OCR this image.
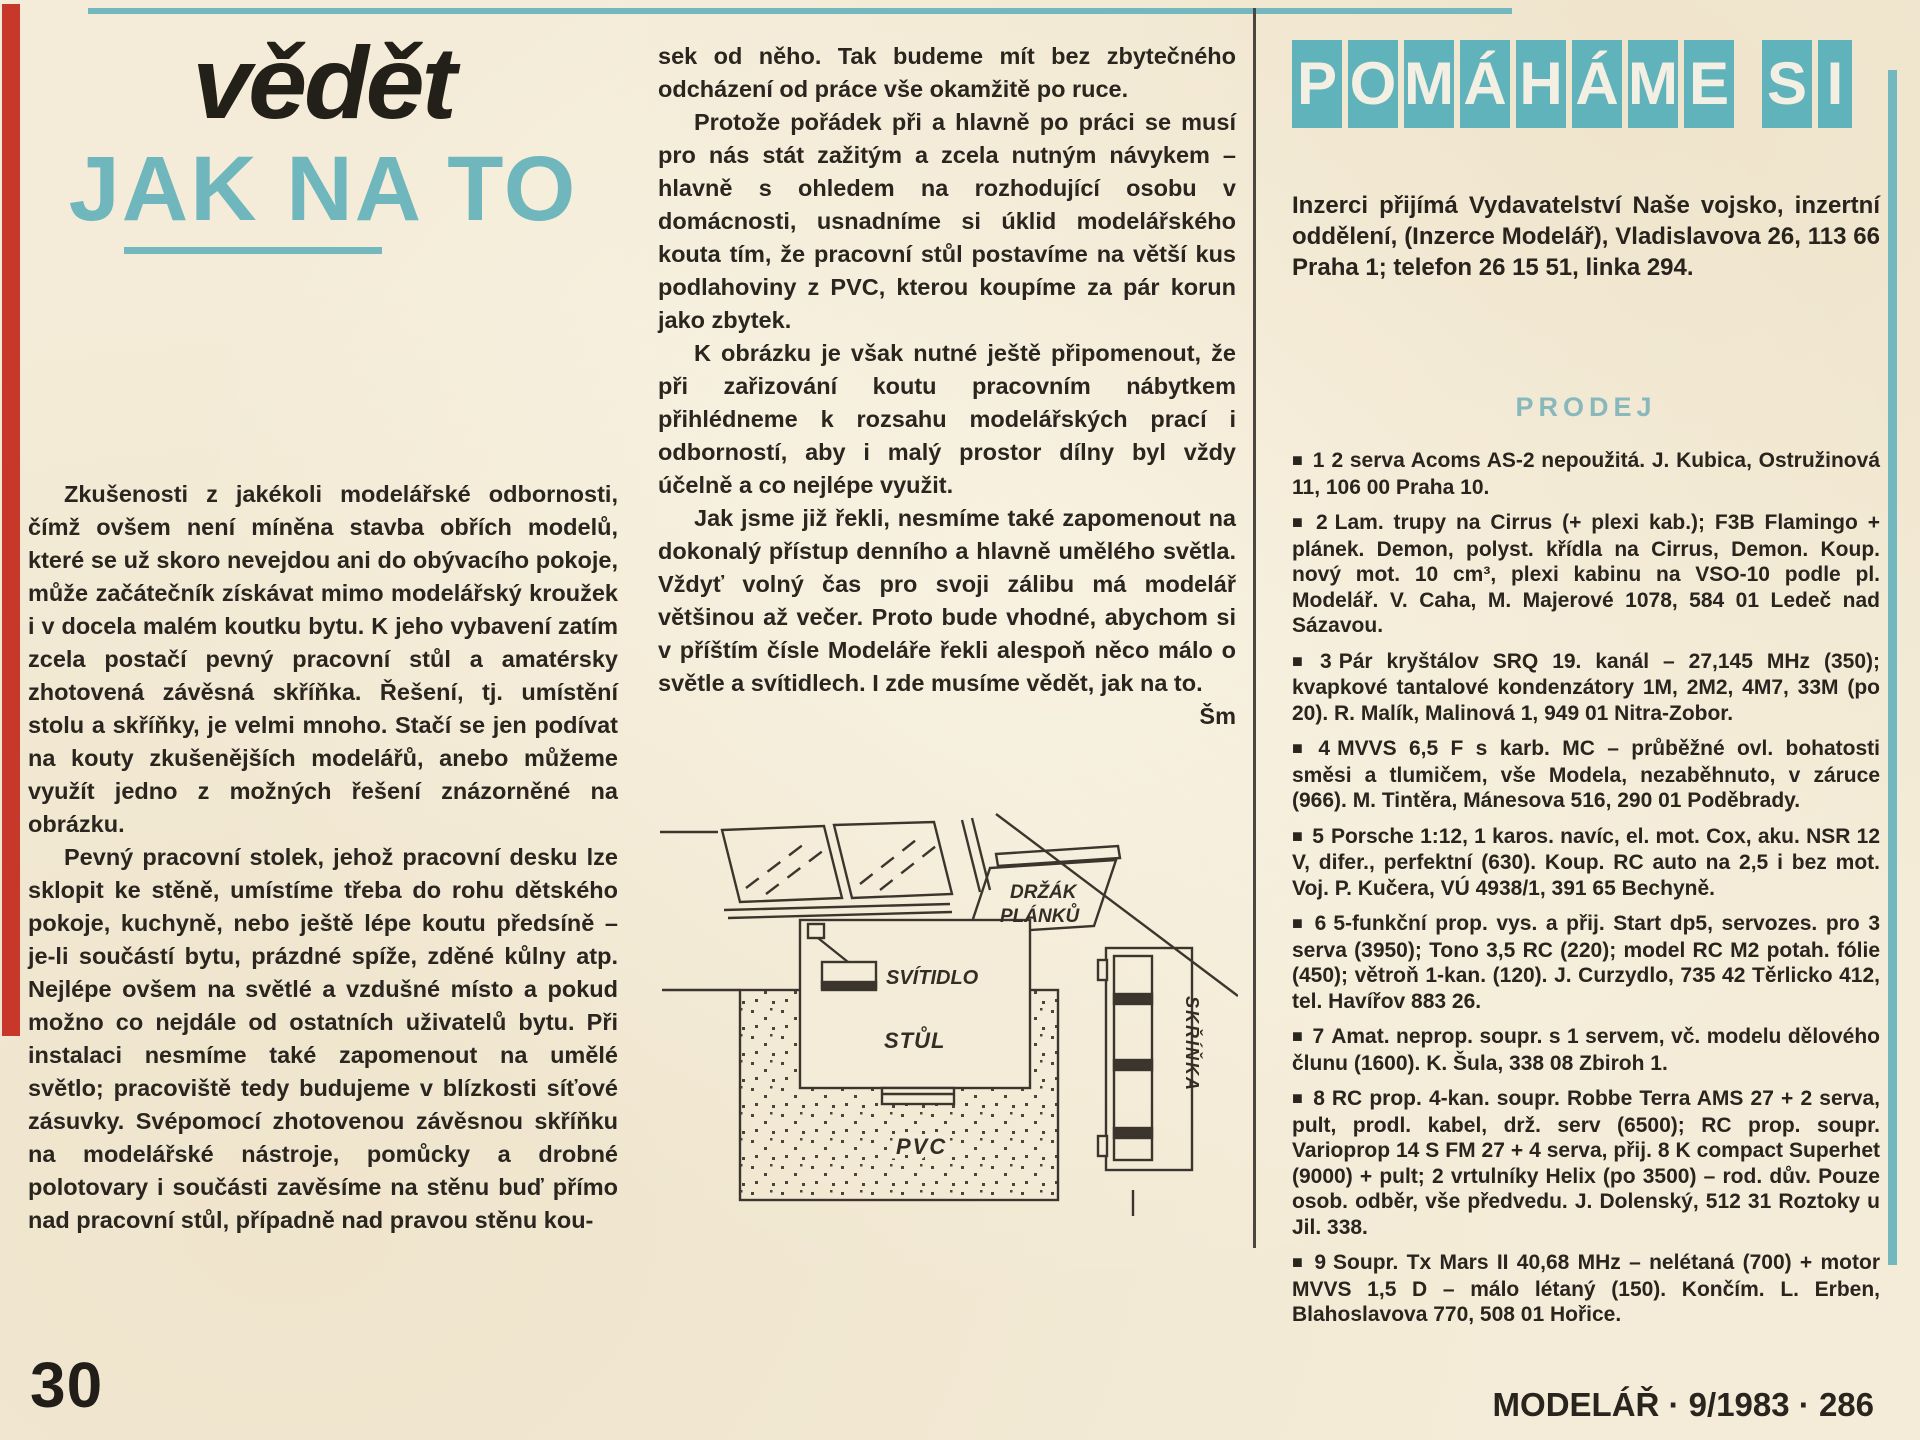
vědět
JAK NA TO

Zkušenosti z jakékoli modelářské odbornosti, čímž ovšem není míněna stavba obřích modelů, které se už skoro nevejdou ani do obývacího pokoje, může začátečník získávat mimo modelářský kroužek i v docela malém koutku bytu. K jeho vybavení zatím zcela postačí pevný pracovní stůl a amatérsky zhotovená závěsná skříňka. Řešení, tj. umístění stolu a skříňky, je velmi mnoho. Stačí se jen podívat na kouty zkušenějších modelářů, anebo můžeme využít jedno z možných řešení znázorněné na obrázku.

Pevný pracovní stolek, jehož pracovní desku lze sklopit ke stěně, umístíme třeba do rohu dětského pokoje, kuchyně, nebo ještě lépe koutu předsíně – je-li součástí bytu, prázdné spíže, zděné kůlny atp. Nejlépe ovšem na světlé a vzdušné místo a pokud možno co nejdále od ostatních uživatelů bytu. Při instalaci nesmíme také zapomenout na umělé světlo; pracoviště tedy budujeme v blízkosti síťové zásuvky. Svépomocí zhotovenou závěsnou skříňku na modelářské nástroje, pomůcky a drobné polotovary i součásti zavěsíme na stěnu buď přímo nad pracovní stůl, případně nad pravou stěnu kou-

sek od něho. Tak budeme mít bez zbytečného odcházení od práce vše okamžitě po ruce.

Protože pořádek při a hlavně po práci se musí pro nás stát zažitým a zcela nutným návykem – hlavně s ohledem na rozhodující osobu v domácnosti, usnadníme si úklid modelářského kouta tím, že pracovní stůl postavíme na větší kus podlahoviny z PVC, kterou koupíme za pár korun jako zbytek.

K obrázku je však nutné ještě připomenout, že při zařizování koutu pracovním nábytkem přihlédneme k rozsahu modelářských prací i odborností, aby i malý prostor dílny byl vždy účelně a co nejlépe využit.

Jak jsme již řekli, nesmíme také zapomenout na dokonalý přístup denního a hlavně umělého světla. Vždyť volný čas pro svoji zálibu má modelář většinou až večer. Proto bude vhodné, abychom si v příštím čísle Modeláře řekli alespoň něco málo o světle a svítidlech. I zde musíme vědět, jak na to.
Šm

DRŽÁK
PLÁNKŮ
SVÍTIDLO
STŮL
PVC
SKŘÍŇKA
P O M Á H Á M E S I

Inzerci přijímá Vydavatelství Naše vojsko, inzertní oddělení, (Inzerce Modelář), Vladislavova 26, 113 66 Praha 1; telefon 26 15 51, linka 294.

PRODEJ

■ 1 2 serva Acoms AS-2 nepoužitá. J. Kubica, Ostružinová 11, 106 00 Praha 10.

■ 2 Lam. trupy na Cirrus (+ plexi kab.); F3B Flamingo + plánek. Demon, polyst. křídla na Cirrus, Demon. Koup. nový mot. 10 cm³, plexi kabinu na VSO-10 podle pl. Modelář. V. Caha, M. Majerové 1078, 584 01 Ledeč nad Sázavou.

■ 3 Pár kryštálov SRQ 19. kanál – 27,145 MHz (350); kvapkové tantalové kondenzátory 1M, 2M2, 4M7, 33M (po 20). R. Malík, Malinová 1, 949 01 Nitra-Zobor.

■ 4 MVVS 6,5 F s karb. MC – průběžné ovl. bohatosti směsi a tlumičem, vše Modela, nezaběhnuto, v záruce (966). M. Tintěra, Mánesova 516, 290 01 Poděbrady.

■ 5 Porsche 1:12, 1 karos. navíc, el. mot. Cox, aku. NSR 12 V, difer., perfektní (630). Koup. RC auto na 2,5 i bez mot. Voj. P. Kučera, VÚ 4938/1, 391 65 Bechyně.

■ 6 5-funkční prop. vys. a přij. Start dp5, servozes. pro 3 serva (3950); Tono 3,5 RC (220); model RC M2 potah. fólie (450); větroň 1-kan. (120). J. Curzydlo, 735 42 Těrlicko 412, tel. Havířov 883 26.

■ 7 Amat. neprop. soupr. s 1 servem, vč. modelu dělového člunu (1600). K. Šula, 338 08 Zbiroh 1.

■ 8 RC prop. 4-kan. soupr. Robbe Terra AMS 27 + 2 serva, pult, prodl. kabel, drž. serv (6500); RC prop. soupr. Varioprop 14 S FM 27 + 4 serva, přij. 8 K compact Superhet (9000) + pult; 2 vrtulníky Helix (po 3500) – rod. dův. Pouze osob. odběr, vše předvedu. J. Dolenský, 512 31 Roztoky u Jil. 338.

■ 9 Soupr. Tx Mars II 40,68 MHz – nelétaná (700) + motor MVVS 1,5 D – málo létaný (150). Končím. L. Erben, Blahoslavova 770, 508 01 Hořice.

30	MODELÁŘ · 9/1983 · 286
